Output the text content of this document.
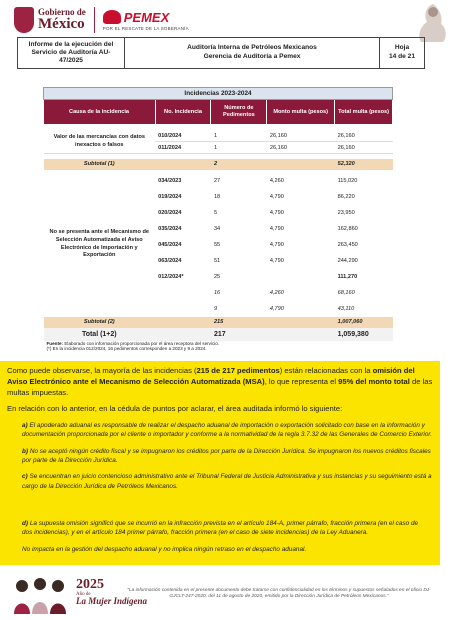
Gobierno de
México	PEMEX
POR EL RESCATE DE LA SOBERANÍA
Informe de la ejecución del Servicio de Auditoría AU-47/2025
Auditoría Interna de Petróleos Mexicanos
Gerencia de Auditoría a Pemex
Hoja
14 de 21
Incidencias 2023-2024				
Causa de la incidencia	No. Incidencia	Número de Pedimentos	Monto multa (pesos)	Total multa (pesos)

Valor de las mercancías con datos inexactos o falsos	010/2024	1	26,160	26,160
	011/2024	1	26,160	26,160

Subtotal (1)		2		52,320

No se presenta ante el Mecanismo de Selección Automatizada el Aviso Electrónico de Importación y Exportación	034/2023	27	4,260	115,020
	019/2024	18	4,790	86,220
	020/2024	5	4,790	23,950
	035/2024	34	4,790	162,860
	045/2024	55	4,790	263,450
	063/2024	51	4,790	244,290
	012/2024*	25		111,270
		16	4,260	68,160
		9	4,790	43,110
Subtotal (2)		215		1,007,060
Total (1+2)		217		1,059,380
Fuente: Elaborado con información proporcionada por el área receptora del servicio.
(*) En la incidencia 012/2024, 16 pedimentos corresponden a 2023 y 9 a 2024.				

Como puede observarse, la mayoría de las incidencias (215 de 217 pedimentos) están relacionadas con la omisión del Aviso Electrónico ante el Mecanismo de Selección Automatizada (MSA), lo que representa el 95% del monto total de las multas impuestas.

En relación con lo anterior, en la cédula de puntos por aclarar, el área auditada informó lo siguiente:

a) El apoderado aduanal es responsable de realizar el despacho aduanal de importación o exportación solicitado con base en la información y documentación proporcionada por el cliente o importador y conforme a la normatividad de la regla 3.7.32 de las Generales de Comercio Exterior.

b) No se aceptó ningún crédito fiscal y se impugnaron los créditos por parte de la Dirección Jurídica. Se impugnaron los nuevos créditos fiscales por parte de la Dirección Jurídica.

c) Se encuentran en juicio contencioso administrativo ante el Tribunal Federal de Justicia Administrativa y sus instancias y su seguimiento está a cargo de la Dirección Jurídica de Petróleos Mexicanos.

d) La supuesta omisión significó que se incurrió en la infracción prevista en el artículo 184-A, primer párrafo, fracción primera (en el caso de dos incidencias), y en el artículo 184 primer párrafo, fracción primera (en el caso de siete incidencias) de la Ley Aduanera.

No impacta en la gestión del despacho aduanal y no implica ningún retraso en el despacho aduanal.

2025
Año de
La Mujer Indígena
"La información contenida en el presente documento debe tratarse con confidencialidad en los términos y supuestos señalados en el oficio DJ-GJCLT-247-2020, del 11 de agosto de 2020, emitido por la Dirección Jurídica de Petróleos Mexicanos."
